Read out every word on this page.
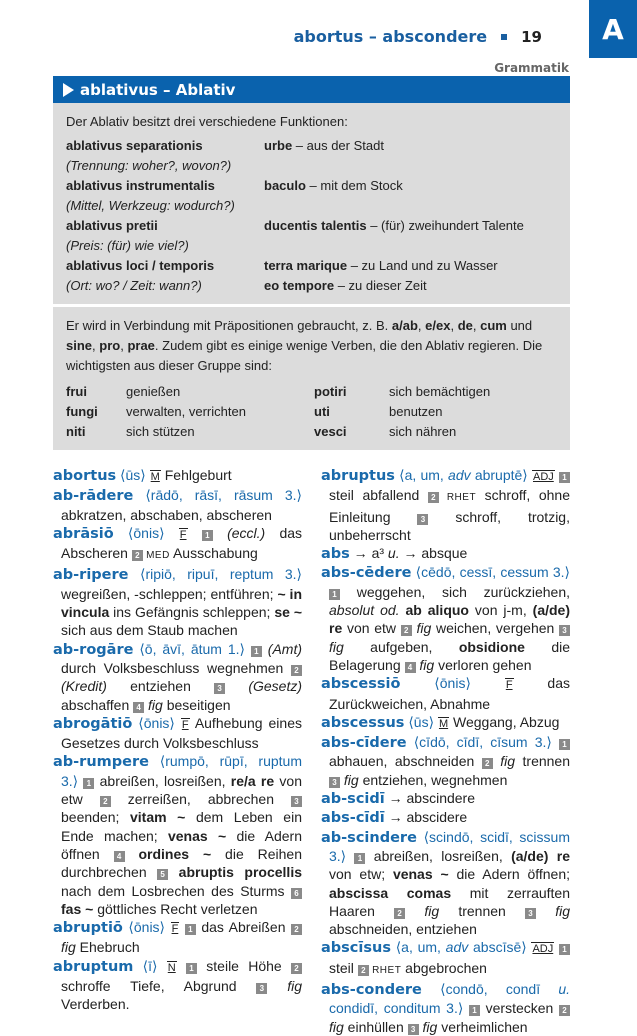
abortus – abscondere 19	A
Grammatik
ablativus – Ablativ
Der Ablativ besitzt drei verschiedene Funktionen:
ablativus separationis	urbe – aus der Stadt
(Trennung: woher?, wovon?)
ablativus instrumentalis	baculo – mit dem Stock
(Mittel, Werkzeug: wodurch?)
ablativus pretii	ducentis talentis – (für) zweihundert Talente
(Preis: (für) wie viel?)
ablativus loci / temporis	terra marique – zu Land und zu Wasser
(Ort: wo? / Zeit: wann?)	eo tempore – zu dieser Zeit
Er wird in Verbindung mit Präpositionen gebraucht, z. B. a/ab, e/ex, de, cum und sine, pro, prae. Zudem gibt es einige wenige Verben, die den Ablativ regieren. Die wichtigsten aus dieser Gruppe sind:
frui	genießen	potiri	sich bemächtigen
fungi	verwalten, verrichten	uti	benutzen
niti	sich stützen	vesci	sich nähren
abortus ⟨ūs⟩ M Fehlgeburt
ab-rādere ⟨rādō, rāsī, rāsum 3.⟩ abkratzen, abschaben, abscheren
abrāsiō ⟨ōnis⟩ F 1 (eccl.) das Abscheren 2 MED Ausschabung
ab-ripere ⟨ripiō, ripuī, reptum 3.⟩ wegreißen, -schleppen; entführen; ~ in vincula ins Gefängnis schleppen; se ~ sich aus dem Staub machen
ab-rogāre ⟨ō, āvī, ātum 1.⟩ 1 (Amt) durch Volksbeschluss wegnehmen 2 (Kredit) entziehen 3 (Gesetz) abschaffen 4 fig beseitigen
abrogātiō ⟨ōnis⟩ F Aufhebung eines Gesetzes durch Volksbeschluss
ab-rumpere ⟨rumpō, rūpī, ruptum 3.⟩ 1 abreißen, losreißen, re/a re von etw 2 zerreißen, abbrechen 3 beenden; vitam ~ dem Leben ein Ende machen; venas ~ die Adern öffnen 4 ordines ~ die Reihen durchbrechen 5 abruptis procellis nach dem Losbrechen des Sturms 6 fas ~ göttliches Recht verletzen
abruptiō ⟨ōnis⟩ F 1 das Abreißen 2 fig Ehebruch
abruptum ⟨ī⟩ N 1 steile Höhe 2 schroffe Tiefe, Abgrund 3 fig Verderben.
abruptus ⟨a, um, adv abruptē⟩ ADJ 1 steil abfallend 2 RHET schroff, ohne Einleitung 3 schroff, trotzig, unbeherrscht
abs → a³ u. → absque
abs-cēdere ⟨cēdō, cessī, cessum 3.⟩ 1 weggehen, sich zurückziehen, absolut od. ab aliquo von j-m, (a/de) re von etw 2 fig weichen, vergehen 3 fig aufgeben, obsidione die Belagerung 4 fig verloren gehen
abscessiō ⟨ōnis⟩ F das Zurückweichen, Abnahme
abscessus ⟨ūs⟩ M Weggang, Abzug
abs-cīdere ⟨cīdō, cīdī, cīsum 3.⟩ 1 abhauen, abschneiden 2 fig trennen 3 fig entziehen, wegnehmen
ab-scidī → abscindere
abs-cīdī → abscidere
ab-scindere ⟨scindō, scidī, scissum 3.⟩ 1 abreißen, losreißen, (a/de) re von etw; venas ~ die Adern öffnen; abscissa comas mit zerrauften Haaren 2 fig trennen 3 fig abschneiden, entziehen
abscīsus ⟨a, um, adv abscīsē⟩ ADJ 1 steil 2 RHET abgebrochen
abs-condere ⟨condō, condī u. condidī, conditum 3.⟩ 1 verstecken 2 fig einhüllen 3 fig verheimlichen
